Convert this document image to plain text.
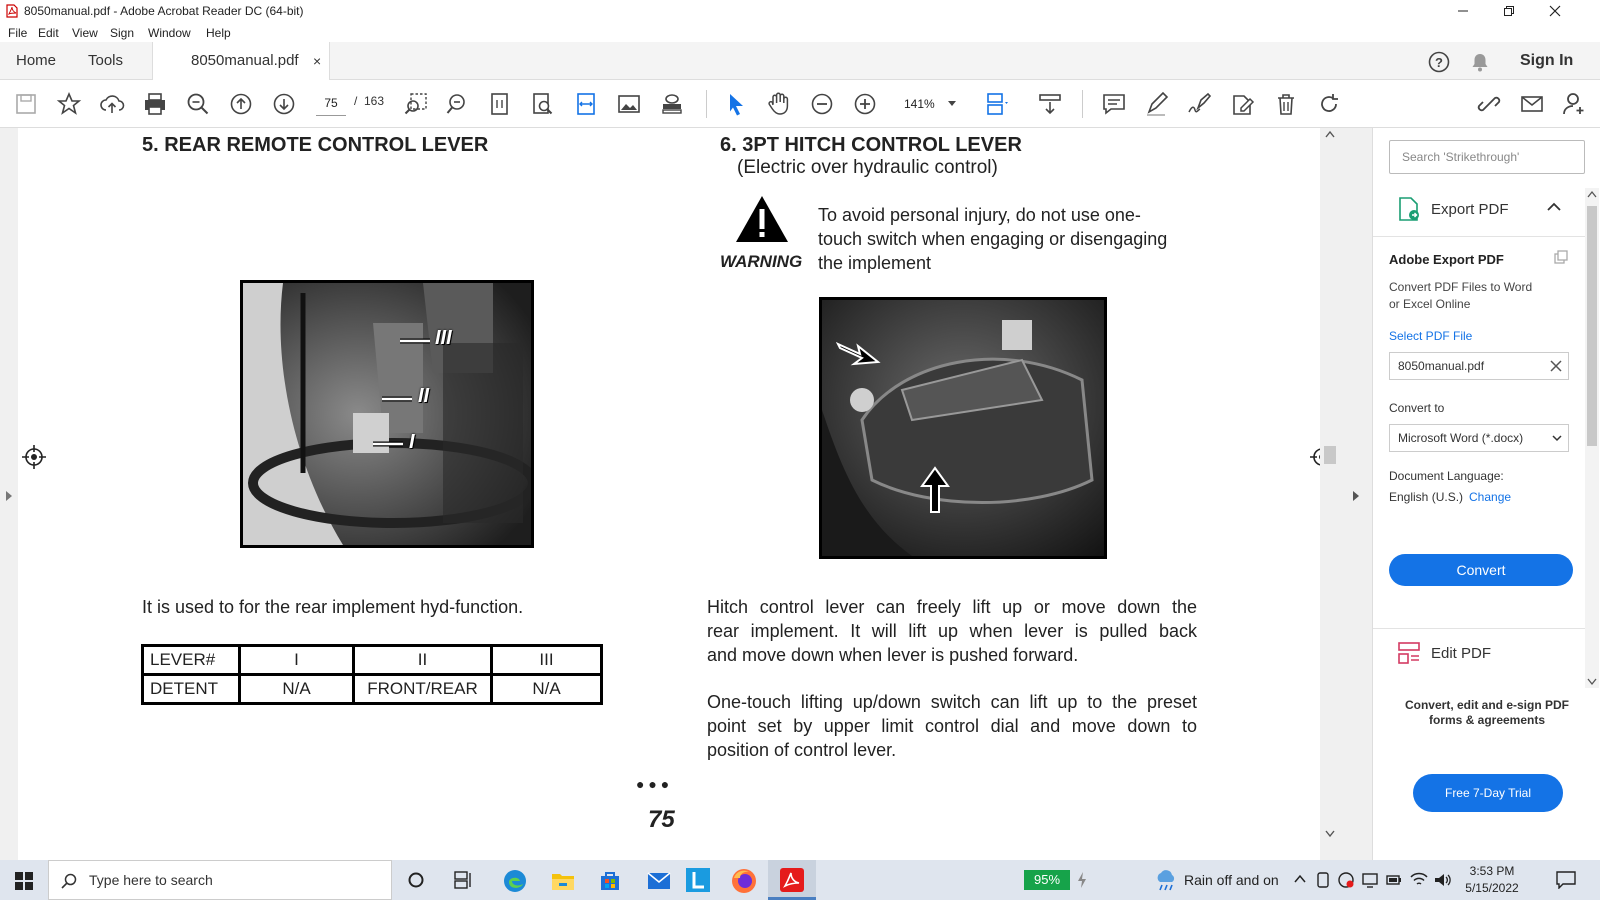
8050manual.pdf - Adobe Acrobat Reader DC (64-bit)
File Edit View Sign Window Help
Home Tools	8050manual.pdf ×	?	Sign In
75	/ 163	141%
5. REAR REMOTE CONTROL LEVER
III
II
I
It is used to for the rear implement hyd-function.
LEVER#	I	II	III
DETENT	N/A	FRONT/REAR	N/A
6. 3PT HITCH CONTROL LEVER
(Electric over hydraulic control)
WARNING
To avoid personal injury, do not use one-
touch switch when engaging or disengaging
the implement
Hitch control lever can freely lift up or move down the
rear implement. It will lift up when lever is pulled back
and move down when lever is pushed forward.
One-touch lifting up/down switch can lift up to the preset
point set by upper limit control dial and move down to
position of control lever.
● ● ●
75
Search 'Strikethrough'
Export PDF
Adobe Export PDF
Convert PDF Files to Word
or Excel Online
Select PDF File
8050manual.pdf
Convert to
Microsoft Word (*.docx)
Document Language:
English (U.S.) Change
Convert
Edit PDF
Convert, edit and e-sign PDF
forms & agreements
Free 7-Day Trial
Type here to search	95%	Rain off and on
3:53 PM
5/15/2022
